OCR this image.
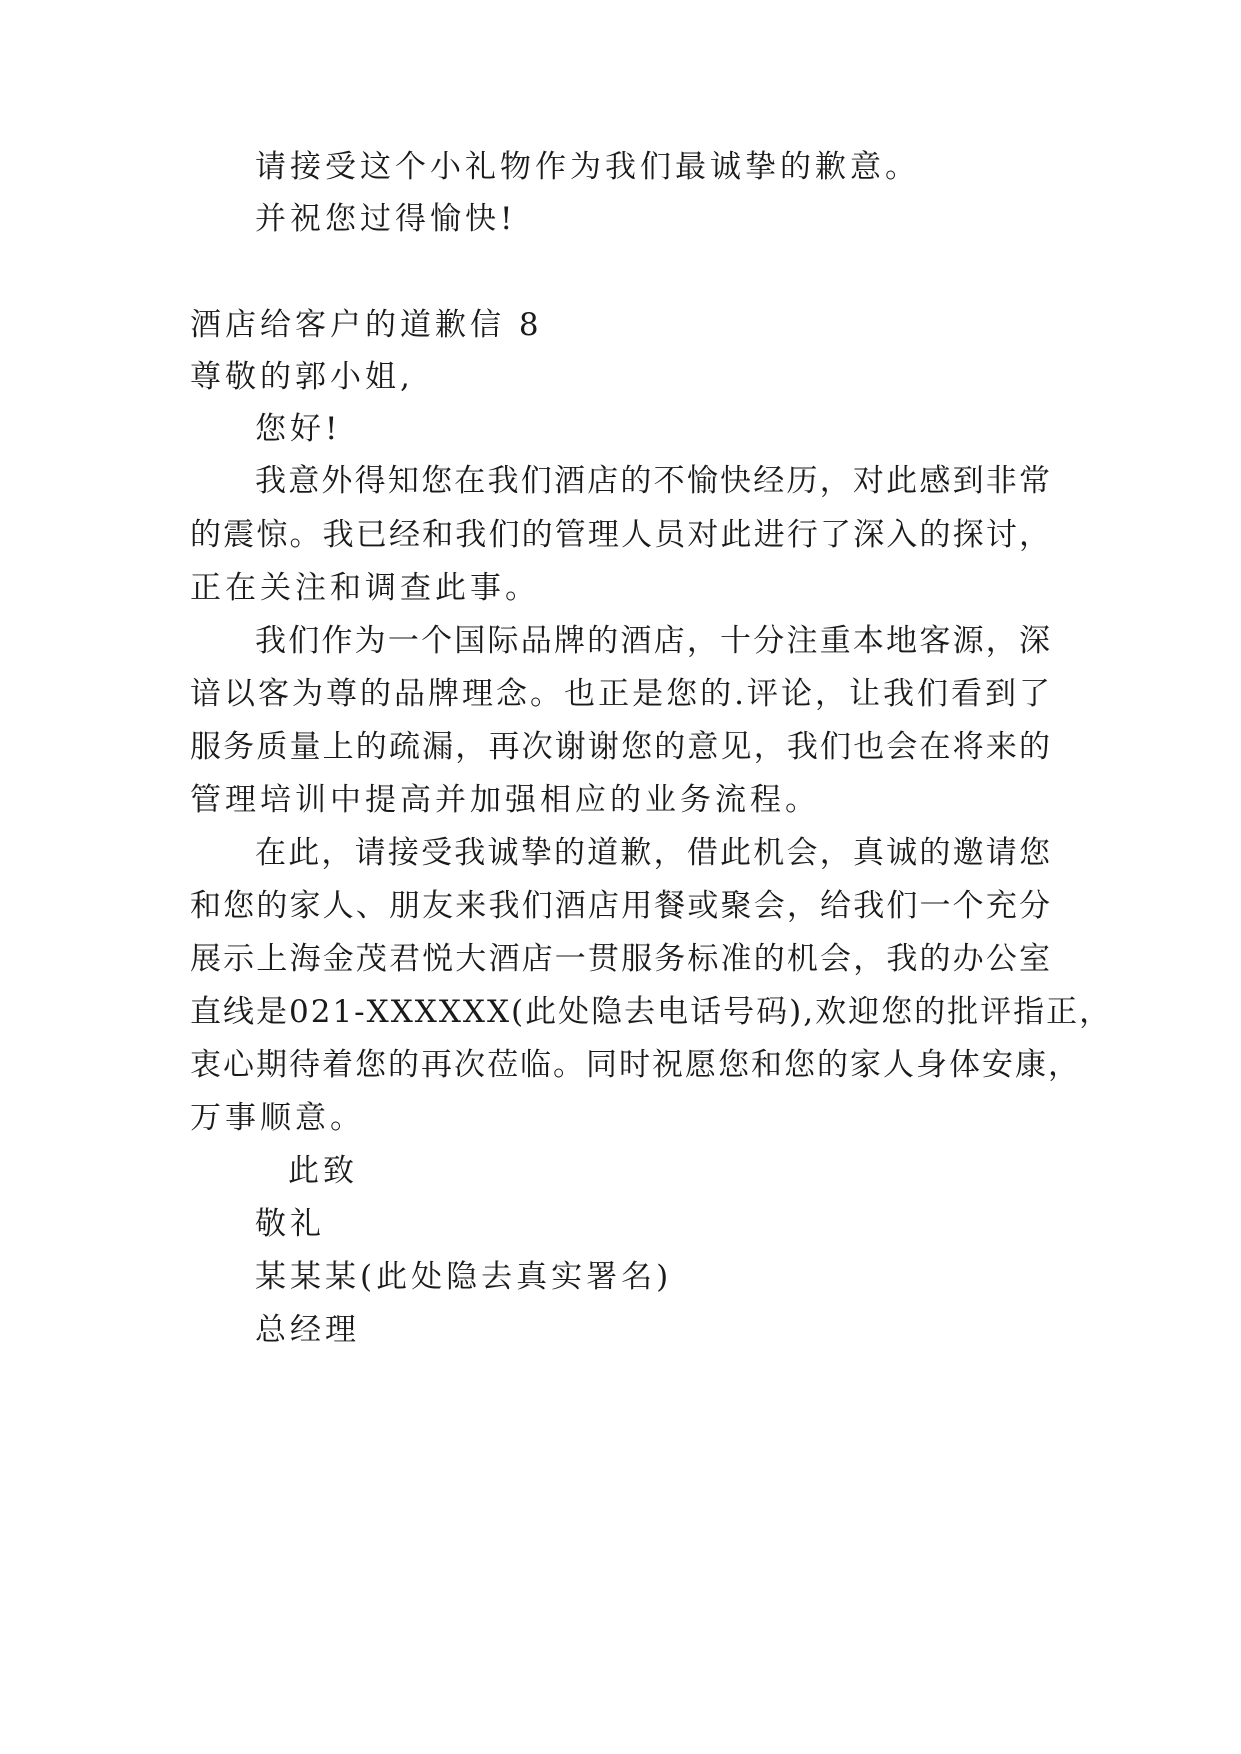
请接受这个小礼物作为我们最诚挚的歉意。

并祝您过得愉快!

酒店给客户的道歉信 8

尊敬的郭小姐,

您好!

我意外得知您在我们酒店的不愉快经历，对此感到非常

的震惊。我已经和我们的管理人员对此进行了深入的探讨，

正在关注和调查此事。

我们作为一个国际品牌的酒店，十分注重本地客源，深

谙以客为尊的品牌理念。也正是您的.评论，让我们看到了

服务质量上的疏漏，再次谢谢您的意见，我们也会在将来的

管理培训中提高并加强相应的业务流程。

在此，请接受我诚挚的道歉，借此机会，真诚的邀请您

和您的家人、朋友来我们酒店用餐或聚会，给我们一个充分

展示上海金茂君悦大酒店一贯服务标准的机会，我的办公室

直线是021-XXXXXX(此处隐去电话号码),欢迎您的批评指正，

衷心期待着您的再次莅临。同时祝愿您和您的家人身体安康，

万事顺意。

此致

敬礼

某某某(此处隐去真实署名)

总经理
